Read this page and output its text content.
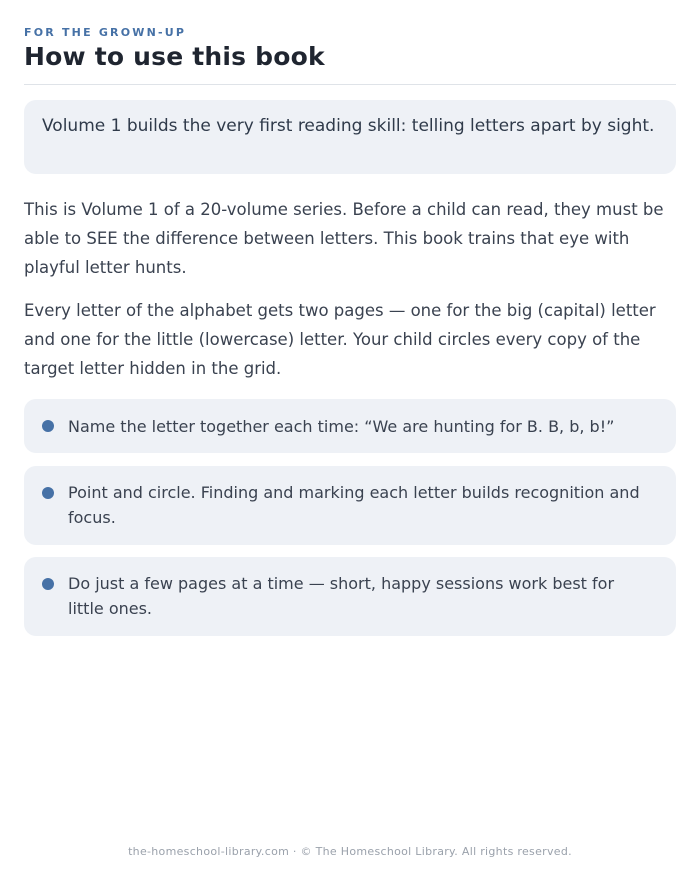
FOR THE GROWN-UP
How to use this book
Volume 1 builds the very first reading skill: telling letters apart by sight.
This is Volume 1 of a 20-volume series. Before a child can read, they must be able to SEE the difference between letters. This book trains that eye with playful letter hunts.
Every letter of the alphabet gets two pages — one for the big (capital) letter and one for the little (lowercase) letter. Your child circles every copy of the target letter hidden in the grid.
Name the letter together each time: “We are hunting for B. B, b, b!”
Point and circle. Finding and marking each letter builds recognition and focus.
Do just a few pages at a time — short, happy sessions work best for little ones.
the-homeschool-library.com · © The Homeschool Library. All rights reserved.
